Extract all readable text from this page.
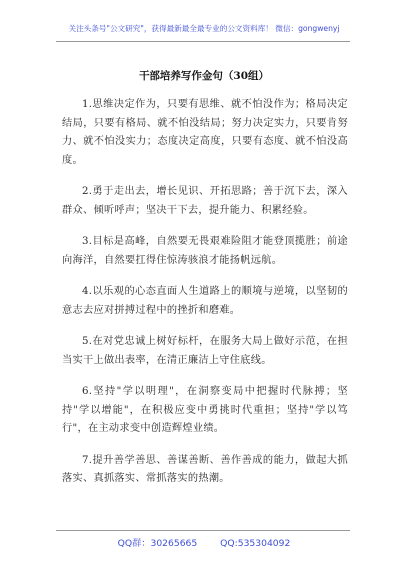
关注头条号"公文研究"，获得最新最全最专业的公文资料库！ 微信：gongwenyj
干部培养写作金句（30组）

1.思维决定作为，只要有思维、就不怕没作为；格局决定结局，只要有格局、就不怕没结局；努力决定实力，只要肯努力、就不怕没实力；态度决定高度，只要有态度、就不怕没高度。

2.勇于走出去，增长见识、开拓思路；善于沉下去，深入群众、倾听呼声；坚决干下去，提升能力、积累经验。

3.目标是高峰，自然要无畏艰难险阻才能登顶揽胜；前途向海洋，自然要扛得住惊涛骇浪才能扬帆远航。

4.以乐观的心态直面人生道路上的顺境与逆境，以坚韧的意志去应对拼搏过程中的挫折和磨难。

5.在对党忠诚上树好标杆，在服务大局上做好示范，在担当实干上做出表率，在清正廉洁上守住底线。

6.坚持"学以明理"，在洞察变局中把握时代脉搏；坚持"学以增能"，在积极应变中勇挑时代重担；坚持"学以笃行"，在主动求变中创造辉煌业绩。

7.提升善学善思、善谋善断、善作善成的能力，做起大抓落实、真抓落实、常抓落实的热潮。

QQ群：30265665 QQ:535304092
